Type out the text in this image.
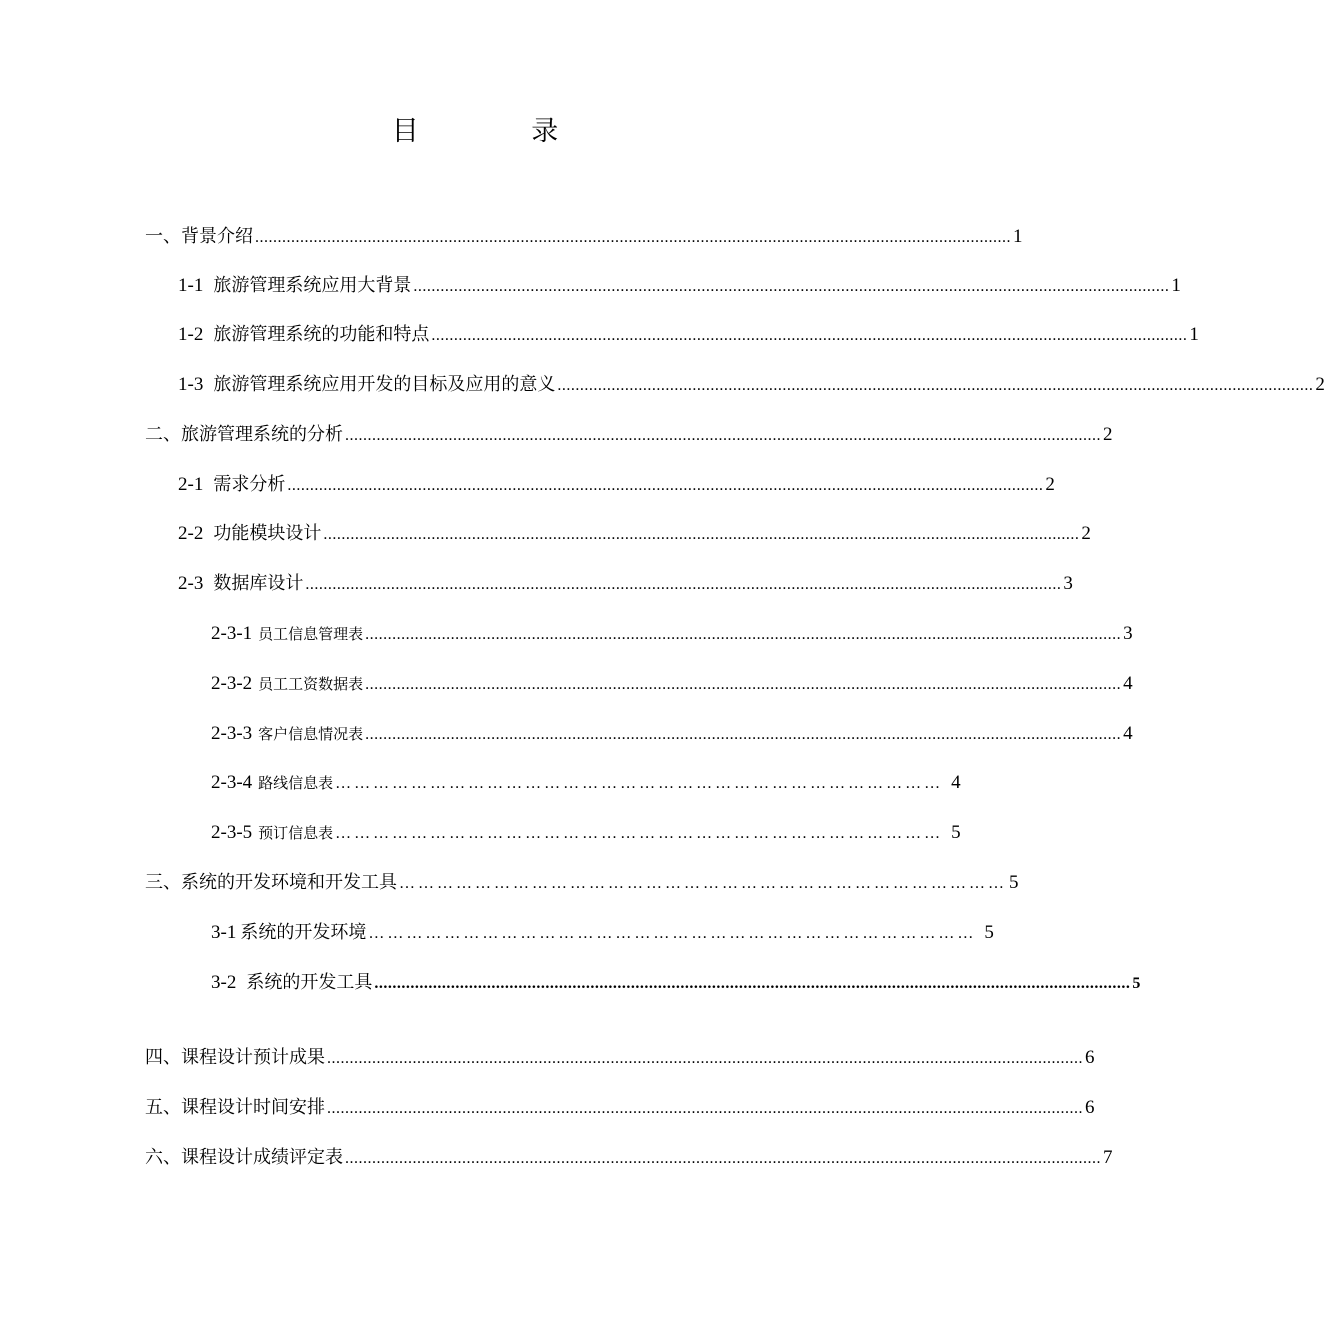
目 录
一、背景介绍 ........................................................................................................................................................................ 1
1-1 旅游管理系统应用大背景 ........................................................................................................................................................................ 1
1-2 旅游管理系统的功能和特点 ........................................................................................................................................................................ 1
1-3 旅游管理系统应用开发的目标及应用的意义 ........................................................................................................................................................................ 2
二、旅游管理系统的分析 ........................................................................................................................................................................ 2
2-1 需求分析 ........................................................................................................................................................................ 2
2-2 功能模块设计 ........................................................................................................................................................................ 2
2-3 数据库设计 ........................................................................................................................................................................ 3
2-3-1 员工信息管理表 ........................................................................................................................................................................ 3
2-3-2 员工工资数据表 ........................................................................................................................................................................ 4
2-3-3 客户信息情况表 ........................................................................................................................................................................ 4
2-3-4 路线信息表 …………………………………………………………………………………… 4
2-3-5 预订信息表 …………………………………………………………………………………… 5
三、系统的开发环境和开发工具 …………………………………………………………………………………… 5
3-1 系统的开发环境 …………………………………………………………………………………… 5
3-2 系统的开发工具 ........................................................................................................................................................................ 5
四、课程设计预计成果 ........................................................................................................................................................................ 6
五、课程设计时间安排 ........................................................................................................................................................................ 6
六、课程设计成绩评定表 ........................................................................................................................................................................ 7
